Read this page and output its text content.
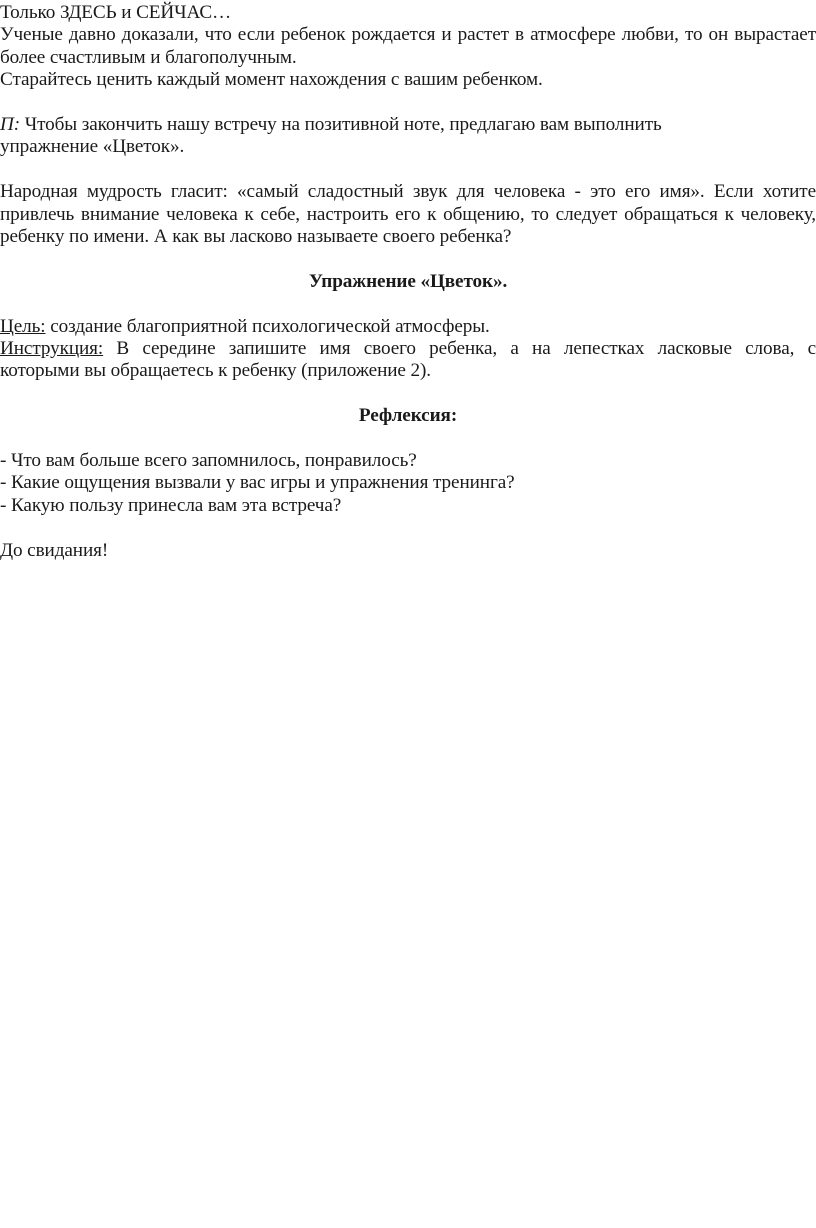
Только ЗДЕСЬ и СЕЙЧАС…

Ученые давно доказали, что если ребенок рождается и растет в атмосфере любви, то он вырастает

более счастливым и благополучным.

Старайтесь ценить каждый момент нахождения с вашим ребенком.

П: Чтобы закончить нашу встречу на позитивной ноте, предлагаю вам выполнить

упражнение «Цветок».

Народная мудрость гласит: «самый сладостный звук для человека - это его имя». Если хотите

привлечь внимание человека к себе, настроить его к общению, то следует обращаться к человеку,

ребенку по имени. А как вы ласково называете своего ребенка?

Упражнение «Цветок».

Цель: создание благоприятной психологической атмосферы.

Инструкция: В середине запишите имя своего ребенка, а на лепестках ласковые слова, с

которыми вы обращаетесь к ребенку (приложение 2).

Рефлексия:

- Что вам больше всего запомнилось, понравилось?

- Какие ощущения вызвали у вас игры и упражнения тренинга?

- Какую пользу принесла вам эта встреча?

До свидания!
